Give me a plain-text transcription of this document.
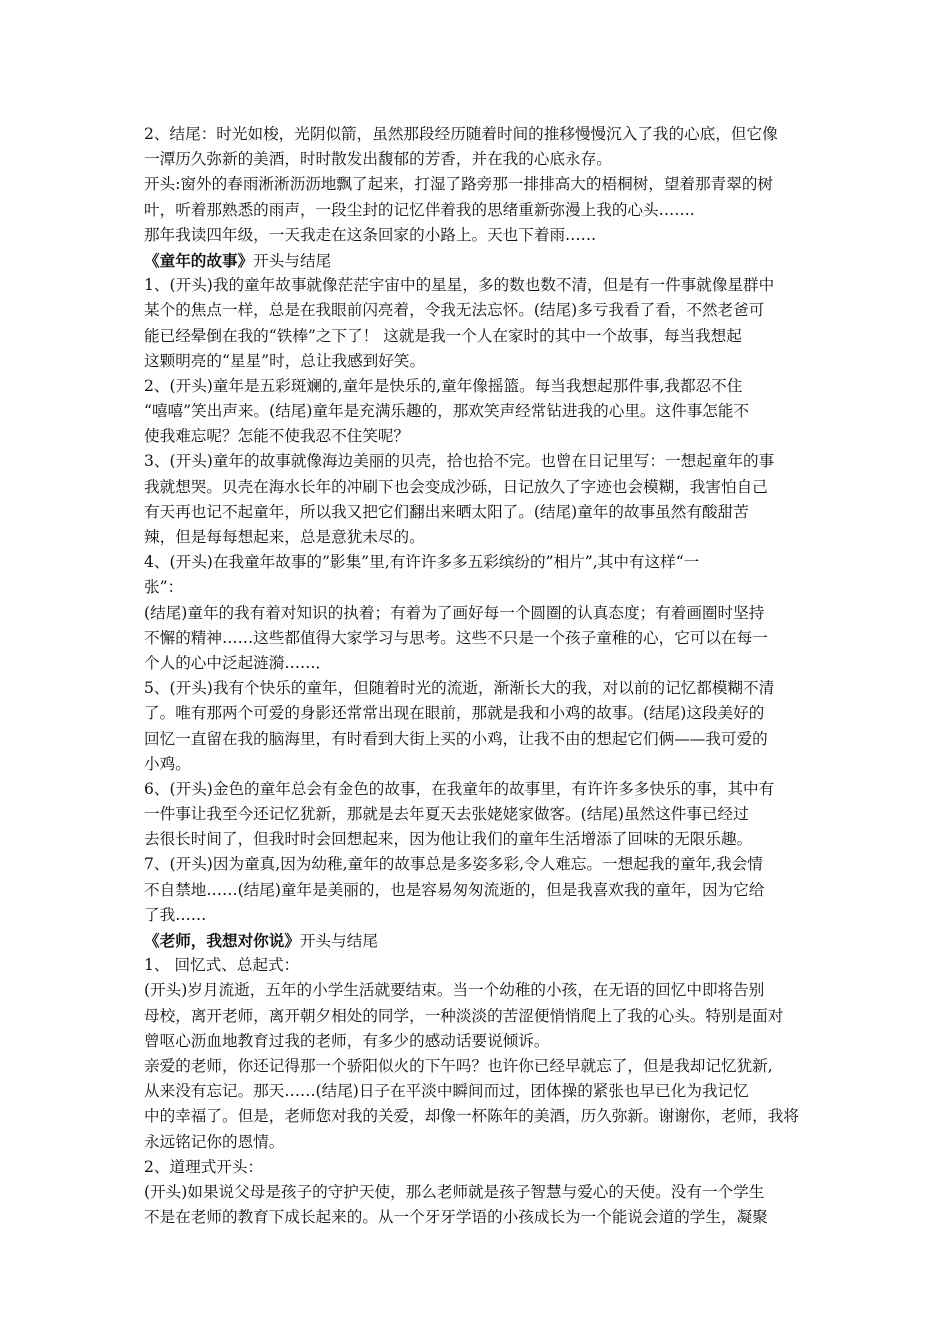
2、结尾：时光如梭，光阴似箭，虽然那段经历随着时间的推移慢慢沉入了我的心底，但它像
一潭历久弥新的美酒，时时散发出馥郁的芳香，并在我的心底永存。
开头:窗外的春雨淅淅沥沥地飘了起来，打湿了路旁那一排排高大的梧桐树，望着那青翠的树
叶，听着那熟悉的雨声，一段尘封的记忆伴着我的思绪重新弥漫上我的心头…….
那年我读四年级，一天我走在这条回家的小路上。天也下着雨……
《童年的故事》开头与结尾
1、(开头)我的童年故事就像茫茫宇宙中的星星，多的数也数不清，但是有一件事就像星群中
某个的焦点一样，总是在我眼前闪亮着，令我无法忘怀。(结尾)多亏我看了看，不然老爸可
能已经晕倒在我的“铁棒”之下了！ 这就是我一个人在家时的其中一个故事，每当我想起
这颗明亮的“星星”时，总让我感到好笑。
2、(开头)童年是五彩斑斓的,童年是快乐的,童年像摇篮。每当我想起那件事,我都忍不住
“嘻嘻”笑出声来。(结尾)童年是充满乐趣的，那欢笑声经常钻进我的心里。这件事怎能不
使我难忘呢？怎能不使我忍不住笑呢？
3、(开头)童年的故事就像海边美丽的贝壳，拾也拾不完。也曾在日记里写：一想起童年的事
我就想哭。贝壳在海水长年的冲刷下也会变成沙砾，日记放久了字迹也会模糊，我害怕自己
有天再也记不起童年，所以我又把它们翻出来晒太阳了。(结尾)童年的故事虽然有酸甜苦
辣，但是每每想起来，总是意犹未尽的。
4、(开头)在我童年故事的”影集”里,有许许多多五彩缤纷的”相片”,其中有这样“一
张”：
(结尾)童年的我有着对知识的执着；有着为了画好每一个圆圈的认真态度；有着画圈时坚持
不懈的精神……这些都值得大家学习与思考。这些不只是一个孩子童稚的心，它可以在每一
个人的心中泛起涟漪……．
5、(开头)我有个快乐的童年，但随着时光的流逝，渐渐长大的我，对以前的记忆都模糊不清
了。唯有那两个可爱的身影还常常出现在眼前，那就是我和小鸡的故事。(结尾)这段美好的
回忆一直留在我的脑海里，有时看到大街上买的小鸡，让我不由的想起它们俩——我可爱的
小鸡。
6、(开头)金色的童年总会有金色的故事，在我童年的故事里，有许许多多快乐的事，其中有
一件事让我至今还记忆犹新，那就是去年夏天去张姥姥家做客。(结尾)虽然这件事已经过
去很长时间了，但我时时会回想起来，因为他让我们的童年生活增添了回味的无限乐趣。
7、(开头)因为童真,因为幼稚,童年的故事总是多姿多彩,令人难忘。一想起我的童年,我会情
不自禁地……(结尾)童年是美丽的，也是容易匆匆流逝的，但是我喜欢我的童年，因为它给
了我……
《老师，我想对你说》开头与结尾
1、 回忆式、总起式：
(开头)岁月流逝，五年的小学生活就要结束。当一个幼稚的小孩，在无语的回忆中即将告别
母校，离开老师，离开朝夕相处的同学，一种淡淡的苦涩便悄悄爬上了我的心头。特别是面对
曾呕心沥血地教育过我的老师，有多少的感动话要说倾诉。
亲爱的老师，你还记得那一个骄阳似火的下午吗？也许你已经早就忘了，但是我却记忆犹新,
从来没有忘记。那天……(结尾)日子在平淡中瞬间而过，团体操的紧张也早已化为我记忆
中的幸福了。但是，老师您对我的关爱，却像一杯陈年的美酒，历久弥新。谢谢你，老师，我将
永远铭记你的恩情。
2、道理式开头：
(开头)如果说父母是孩子的守护天使，那么老师就是孩子智慧与爱心的天使。没有一个学生
不是在老师的教育下成长起来的。从一个牙牙学语的小孩成长为一个能说会道的学生，凝聚
